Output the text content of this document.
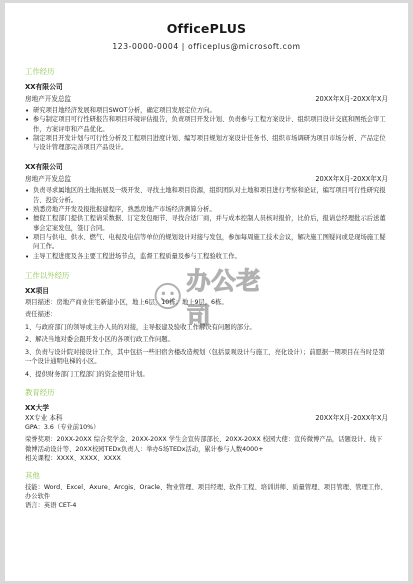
OfficePLUS
123-0000-0004 | officeplus@microsoft.com
工作经历
XX有限公司
房地产开发总监	20XX年X月-20XX年X月
• 研究项目地经济发展和项目SWOT分析，确定项目发展定位方向。
• 参与制定项目可行性研报告和项目环境评估报告，负责项目开发计划、负责参与工程方案设计、组织项目设计交底和图纸会审工作，方案评审和产品优化。
• 制定项目开发计划与可行性分析及工程项目进度计划、编写项目规划方案设计任务书、组织市场调研为项目市场分析、产品定位与设计管理部完善项目产品设计。
XX有限公司
房地产开发总监	20XX年X月-20XX年X月
• 负责寻求属地区的土地拓展及一级开发、寻找土地和项目资源，组织团队对土地和项目进行考察和论证，编写项目可行性研究报告、投资分析。
• 熟悉房地产开发及报批报建程序，熟悉房地产市场经济测算分析。
• 擅促工程部门提供工程请采数据、订定发包细节、寻找合适厂商，并与成本控制人员核对报价，比价后，报请总经理批示后送董事会定案发包，签订合同。
• 项目与供电、供水、燃气、电视及电信等单位的规划设计对接与发包，参加每周施工技术会议，解决施工图疑问或是现场施工疑问工作。
• 主导工程进度及各主要工程进场节点，监督工程质量及参与工程验收工作。
工作以外经历
XX项目
项目描述：房地产商业住宅新建小区，地上6层，10栋；地上9层，6栋。
责任描述：
1、与政府部门的领导或主办人员的对接，主导报建及验收工作解决有问题的部分。
2、解决当地对委会跟开发小区的各项行政工作问题。
3、负责与设计院对接设计工作，其中包括一些旧宿舍楼改造规划（包括景观设计与施工，亮化设计）；前愿据一期项目在当时是第一个设计通明电梯的小区。
4、提供财务部门工程部门的资金使用计划。
教育经历
XX大学
XX专业 本科	20XX年X月-20XX年X月
GPA：3.6（专业前10%）
荣誉奖项：20XX-20XX 综合奖学金、20XX-20XX 学生会宣传部部长、20XX-20XX 校园大使：宣传微博产品，话题设计、线下微博活动设计等、20XX校园TEDx负责人：举办5场TEDx活动，累计参与人数4000+
相关课程：XXXX、XXXX、XXXX
其他
技能：Word、Excel、Axure、Arcgis、Oracle、物业管理、项目经理、软件工程、培训讲师、质量管理、项目管理、管理工作、办公软件
语言：英语 CET-4
办公老司
